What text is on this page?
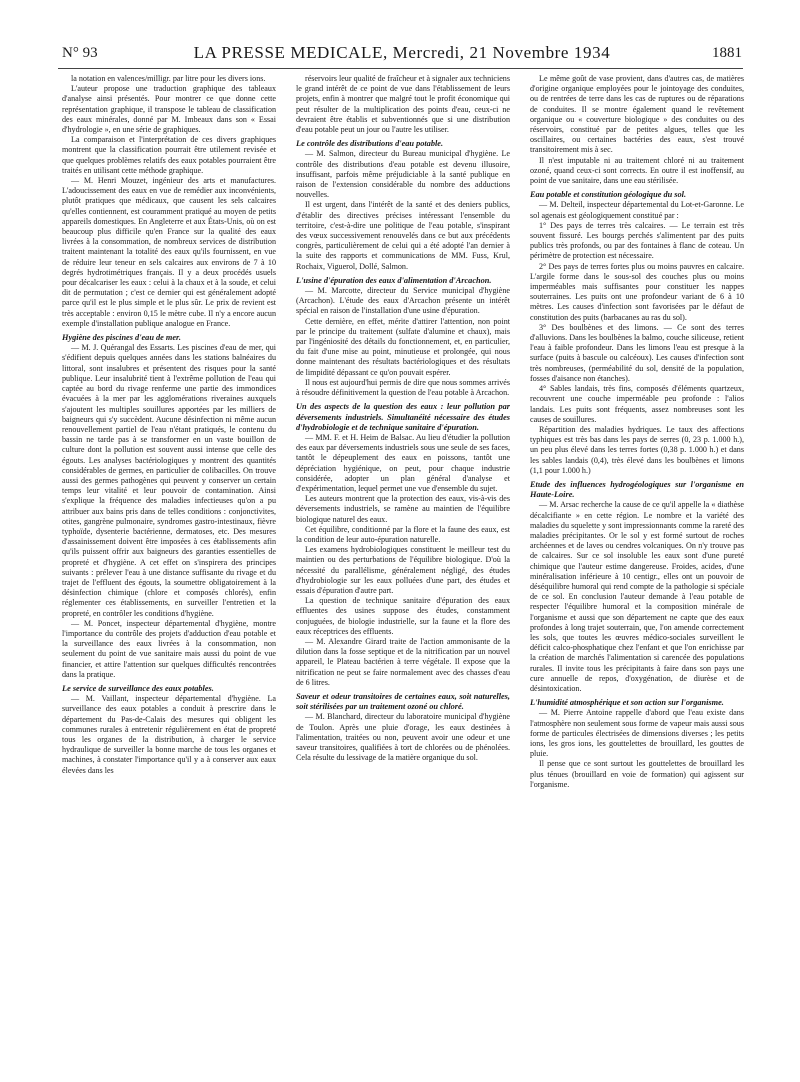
N° 93	LA PRESSE MEDICALE, Mercredi, 21 Novembre 1934	1881

la notation en valences/milligr. par litre pour les divers ions.

L'auteur propose une traduction graphique des tableaux d'analyse ainsi présentés. Pour montrer ce que donne cette représentation graphique, il transpose le tableau de classification des eaux minérales, donné par M. Imbeaux dans son « Essai d'hydrologie », en une série de graphiques.

La comparaison et l'interprétation de ces divers graphiques montrent que la classification pourrait être utilement revisée et que quelques problèmes relatifs des eaux potables pourraient être traités en utilisant cette méthode graphique.

— M. Henri Mouzet, ingénieur des arts et manufactures. L'adoucissement des eaux en vue de remédier aux inconvénients, plutôt pratiques que médicaux, que causent les sels calcaires qu'elles contiennent, est couramment pratiqué au moyen de petits appareils domestiques. En Angleterre et aux États-Unis, où on est beaucoup plus difficile qu'en France sur la qualité des eaux livrées à la consommation, de nombreux services de distribution traitent maintenant la totalité des eaux qu'ils fournissent, en vue de réduire leur teneur en sels calcaires aux environs de 7 à 10 degrés hydrotimétriques français. Il y a deux procédés usuels pour décalcariser les eaux : celui à la chaux et à la soude, et celui dit de permutation ; c'est ce dernier qui est généralement adopté parce qu'il est le plus simple et le plus sûr. Le prix de revient est très acceptable : environ 0,15 le mètre cube. Il n'y a encore aucun exemple d'installation publique analogue en France.

Hygiène des piscines d'eau de mer.

— M. J. Quérangal des Essarts. Les piscines d'eau de mer, qui s'édifient depuis quelques années dans les stations balnéaires du littoral, sont insalubres et présentent des risques pour la santé publique. Leur insalubrité tient à l'extrême pollution de l'eau qui captée au bord du rivage renferme une partie des immondices évacuées à la mer par les agglomérations riveraines auxquels s'ajoutent les multiples souillures apportées par les milliers de baigneurs qui s'y succèdent. Aucune désinfection ni même aucun renouvellement partiel de l'eau n'étant pratiqués, le contenu du bassin ne tarde pas à se transformer en un vaste bouillon de culture dont la pollution est souvent aussi intense que celle des égouts. Les analyses bactériologiques y montrent des quantités considérables de germes, en particulier de colibacilles. On trouve aussi des germes pathogènes qui peuvent y conserver un certain temps leur vitalité et leur pouvoir de contamination. Ainsi s'explique la fréquence des maladies infectieuses qu'on a pu attribuer aux bains pris dans de telles conditions : conjonctivites, otites, gangrène pulmonaire, syndromes gastro-intestinaux, fièvre typhoïde, dysenterie bactérienne, dermatoses, etc. Des mesures d'assainissement doivent être imposées à ces établissements afin qu'ils puissent offrir aux baigneurs des garanties essentielles de propreté et d'hygiène. A cet effet on s'inspirera des principes suivants : prélever l'eau à une distance suffisante du rivage et du trajet de l'effluent des égouts, la soumettre obligatoirement à la désinfection chimique (chlore et composés chlorés), enfin réglementer ces établissements, en surveiller l'entretien et la propreté, en contrôler les conditions d'hygiène.

— M. Poncet, inspecteur départemental d'hygiène, montre l'importance du contrôle des projets d'adduction d'eau potable et la surveillance des eaux livrées à la consommation, non seulement du point de vue sanitaire mais aussi du point de vue financier, et attire l'attention sur quelques difficultés rencontrées dans la pratique.

Le service de surveillance des eaux potables.

— M. Vaillant, inspecteur départemental d'hygiène. La surveillance des eaux potables a conduit à prescrire dans le département du Pas-de-Calais des mesures qui obligent les communes rurales à entretenir régulièrement en état de propreté tous les organes de la distribution, à charger le service hydraulique de surveiller la bonne marche de tous les organes et machines, à constater l'importance qu'il y a à conserver aux eaux élevées dans les

réservoirs leur qualité de fraîcheur et à signaler aux techniciens le grand intérêt de ce point de vue dans l'établissement de leurs projets, enfin à montrer que malgré tout le profit économique qui peut résulter de la multiplication des points d'eau, ceux-ci ne devraient être établis et subventionnés que si une distribution d'eau potable peut un jour ou l'autre les utiliser.

Le contrôle des distributions d'eau potable.

— M. Salmon, directeur du Bureau municipal d'hygiène. Le contrôle des distributions d'eau potable est devenu illusoire, insuffisant, parfois même préjudiciable à la santé publique en raison de l'extension considérable du nombre des adductions nouvelles.

Il est urgent, dans l'intérêt de la santé et des deniers publics, d'établir des directives précises intéressant l'ensemble du territoire, c'est-à-dire une politique de l'eau potable, s'inspirant des vœux successivement renouvelés dans ce but aux précédents congrès, particulièrement de celui qui a été adopté l'an dernier à la suite des rapports et communications de MM. Fuss, Krul, Rochaix, Viguerol, Dollé, Salmon.

L'usine d'épuration des eaux d'alimentation d'Arcachon.

— M. Marcotte, directeur du Service municipal d'hygiène (Arcachon). L'étude des eaux d'Arcachon présente un intérêt spécial en raison de l'installation d'une usine d'épuration.

Cette dernière, en effet, mérite d'attirer l'attention, non point par le principe du traitement (sulfate d'alumine et chaux), mais par l'ingéniosité des détails du fonctionnement, et, en particulier, du fait d'une mise au point, minutieuse et prolongée, qui nous donne maintenant des résultats bactériologiques et des résultats de limpidité dépassant ce qu'on pouvait espérer.

Il nous est aujourd'hui permis de dire que nous sommes arrivés à résoudre définitivement la question de l'eau potable à Arcachon.

Un des aspects de la question des eaux : leur pollution par déversements industriels. Simultanéité nécessaire des études d'hydrobiologie et de technique sanitaire d'épuration.

— MM. F. et H. Heim de Balsac. Au lieu d'étudier la pollution des eaux par déversements industriels sous une seule de ses faces, tantôt le dépeuplement des eaux en poissons, tantôt une dépréciation hygiénique, on peut, pour chaque industrie considérée, adopter un plan général d'analyse et d'expérimentation, lequel permet une vue d'ensemble du sujet.

Les auteurs montrent que la protection des eaux, vis-à-vis des déversements industriels, se ramène au maintien de l'équilibre biologique naturel des eaux.

Cet équilibre, conditionné par la flore et la faune des eaux, est la condition de leur auto-épuration naturelle.

Les examens hydrobiologiques constituent le meilleur test du maintien ou des perturbations de l'équilibre biologique. D'où la nécessité du parallélisme, généralement négligé, des études d'hydrobiologie sur les eaux polluées d'une part, des études et essais d'épuration d'autre part.

La question de technique sanitaire d'épuration des eaux effluentes des usines suppose des études, constamment conjuguées, de biologie industrielle, sur la faune et la flore des eaux réceptrices des effluents.

— M. Alexandre Girard traite de l'action ammonisante de la dilution dans la fosse septique et de la nitrification par un nouvel appareil, le Plateau bactérien à terre végétale. Il expose que la nitrification ne peut se faire normalement avec des chasses d'eau de 6 litres.

Saveur et odeur transitoires de certaines eaux, soit naturelles, soit stérilisées par un traitement ozoné ou chloré.

— M. Blanchard, directeur du laboratoire municipal d'hygiène de Toulon. Après une pluie d'orage, les eaux destinées à l'alimentation, traitées ou non, peuvent avoir une odeur et une saveur transitoires, qualifiées à tort de chlorées ou de phénolées. Cela résulte du lessivage de la matière organique du sol.

Le même goût de vase provient, dans d'autres cas, de matières d'origine organique employées pour le jointoyage des conduites, ou de rentrées de terre dans les cas de ruptures ou de réparations de conduites. Il se montre également quand le revêtement organique ou « couverture biologique » des conduites ou des réservoirs, constitué par de petites algues, telles que les oscillaires, ou certaines bactéries des eaux, s'est trouvé transitoirement mis à sec.

Il n'est imputable ni au traitement chloré ni au traitement ozoné, quand ceux-ci sont corrects. En outre il est inoffensif, au point de vue sanitaire, dans une eau stérilisée.

Eau potable et constitution géologique du sol.

— M. Delteil, inspecteur départemental du Lot-et-Garonne. Le sol agenais est géologiquement constitué par :

1° Des pays de terres très calcaires. — Le terrain est très souvent fissuré. Les bourgs perchés s'alimentent par des puits publics très profonds, ou par des fontaines à flanc de coteau. Un périmètre de protection est nécessaire.

2° Des pays de terres fortes plus ou moins pauvres en calcaire. L'argile forme dans le sous-sol des couches plus ou moins imperméables mais suffisantes pour constituer les nappes souterraines. Les puits ont une profondeur variant de 6 à 10 mètres. Les causes d'infection sont favorisées par le défaut de constitution des puits (barbacanes au ras du sol).

3° Des boulbènes et des limons. — Ce sont des terres d'alluvions. Dans les boulbènes la balmo, couche siliceuse, retient l'eau à faible profondeur. Dans les limons l'eau est presque à la surface (puits à bascule ou calcéoux). Les causes d'infection sont très nombreuses, (perméabilité du sol, densité de la population, fosses d'aisance non étanches).

4° Sables landais, très fins, composés d'éléments quartzeux, recouvrent une couche imperméable peu profonde : l'alios landais. Les puits sont fréquents, assez nombreuses sont les causes de souillures.

Répartition des maladies hydriques. Le taux des affections typhiques est très bas dans les pays de serres (0, 23 p. 1.000 h.), un peu plus élevé dans les terres fortes (0,38 p. 1.000 h.) et dans les sables landais (0,4), très élevé dans les boulbènes et limons (1,1 pour 1.000 h.)

Etude des influences hydrogéologiques sur l'organisme en Haute-Loire.

— M. Arsac recherche la cause de ce qu'il appelle la « diathèse décalcifiante » en cette région. Le nombre et la variété des maladies du squelette y sont impressionnants comme la rareté des maladies précipitantes. Or le sol y est formé surtout de roches archéennes et de laves ou cendres volcaniques. On n'y trouve pas de calcaires. Sur ce sol insoluble les eaux sont d'une pureté chimique que l'auteur estime dangereuse. Froides, acides, d'une minéralisation inférieure à 10 centigr., elles ont un pouvoir de déséquilibre humoral qui rend compte de la pathologie si spéciale de ce sol. En conclusion l'auteur demande à l'eau potable de respecter l'équilibre humoral et la composition minérale de l'organisme et aussi que son département ne capte que des eaux profondes à long trajet souterrain, que, l'on amende correctement les sols, que toutes les œuvres médico-sociales surveillent le déficit calco-phosphatique chez l'enfant et que l'on enrichisse par la création de marchés l'alimentation si carencée des populations rurales. Il invite tous les précipitants à faire dans son pays une cure annuelle de repos, d'oxygénation, de diurèse et de désintoxication.

L'humidité atmosphérique et son action sur l'organisme.

— M. Pierre Antoine rappelle d'abord que l'eau existe dans l'atmosphère non seulement sous forme de vapeur mais aussi sous forme de particules électrisées de dimensions diverses ; les petits ions, les gros ions, les gouttelettes de brouillard, les gouttes de pluie.

Il pense que ce sont surtout les gouttelettes de brouillard les plus ténues (brouillard en voie de formation) qui agissent sur l'organisme.
